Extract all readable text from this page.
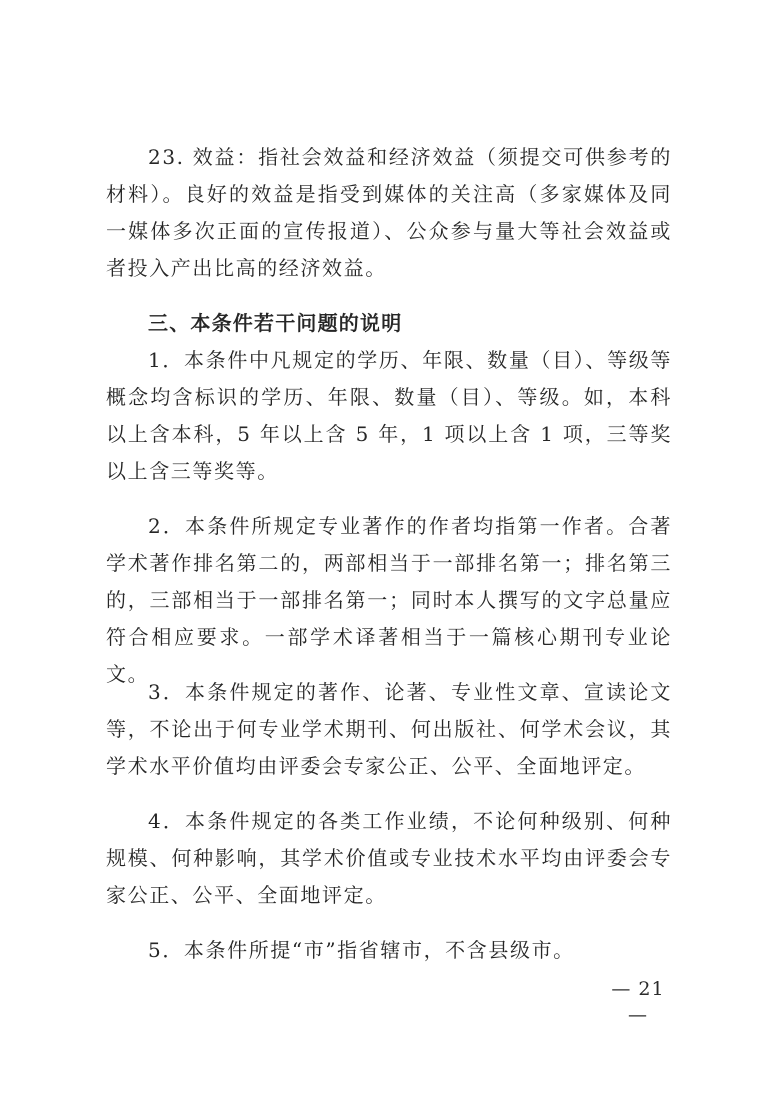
23. 效益：指社会效益和经济效益（须提交可供参考的材料）。良好的效益是指受到媒体的关注高（多家媒体及同一媒体多次正面的宣传报道）、公众参与量大等社会效益或者投入产出比高的经济效益。

三、本条件若干问题的说明

1．本条件中凡规定的学历、年限、数量（目）、等级等概念均含标识的学历、年限、数量（目）、等级。如，本科以上含本科，5 年以上含 5 年，1 项以上含 1 项，三等奖以上含三等奖等。

2．本条件所规定专业著作的作者均指第一作者。合著学术著作排名第二的，两部相当于一部排名第一；排名第三的，三部相当于一部排名第一；同时本人撰写的文字总量应符合相应要求。一部学术译著相当于一篇核心期刊专业论文。

3．本条件规定的著作、论著、专业性文章、宣读论文等，不论出于何专业学术期刊、何出版社、何学术会议，其学术水平价值均由评委会专家公正、公平、全面地评定。

4．本条件规定的各类工作业绩，不论何种级别、何种规模、何种影响，其学术价值或专业技术水平均由评委会专家公正、公平、全面地评定。

5．本条件所提“市”指省辖市，不含县级市。

— 21 —
